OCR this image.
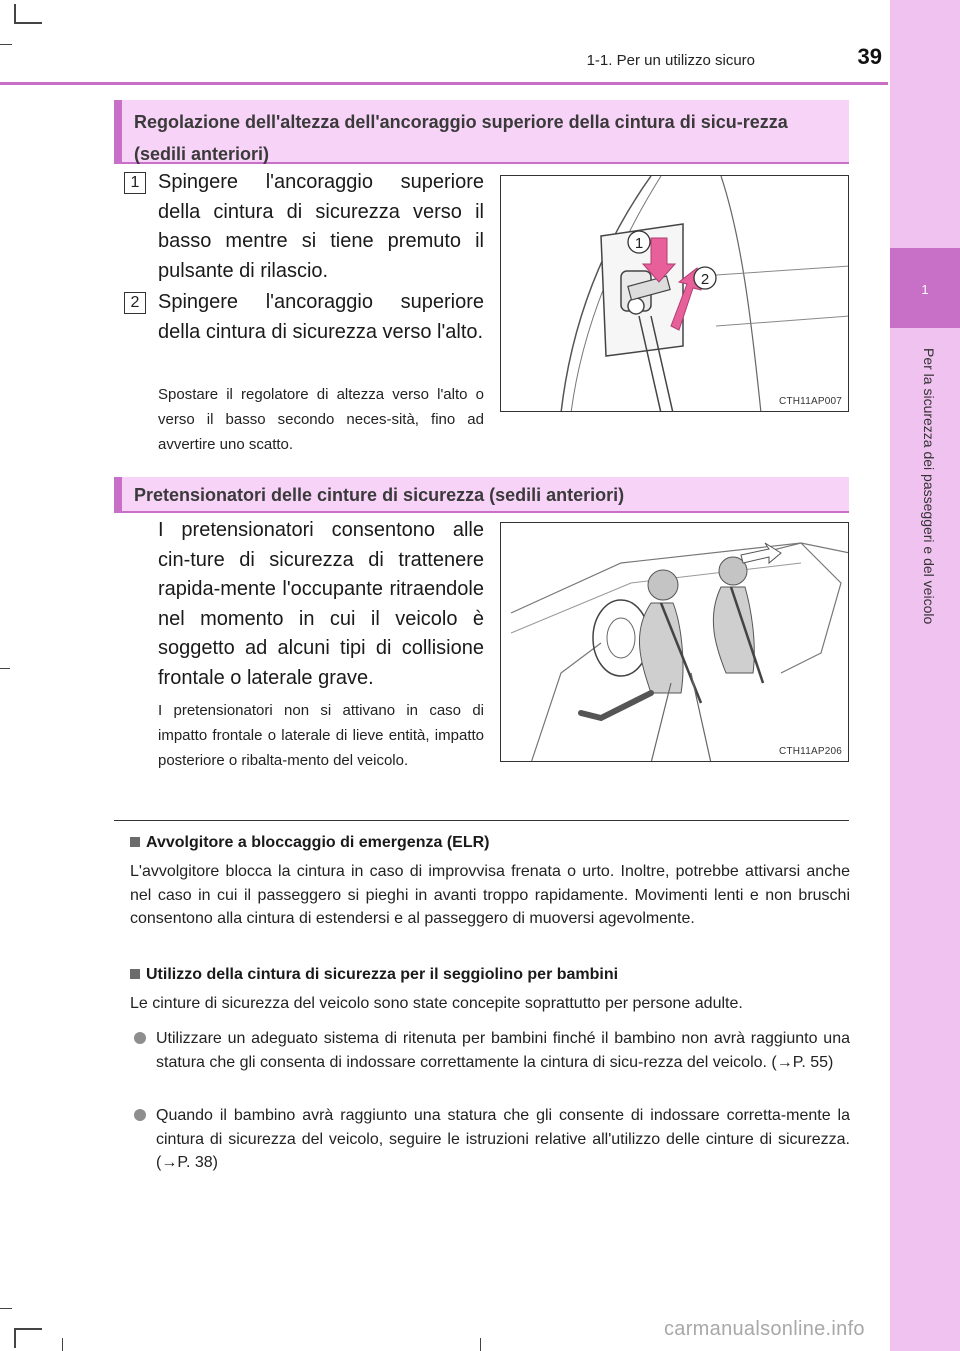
1-1. Per un utilizzo sicuro	39
1
Per la sicurezza dei passeggeri e del veicolo
Regolazione dell'altezza dell'ancoraggio superiore della cintura di sicu-rezza (sedili anteriori)
1 Spingere l'ancoraggio superiore della cintura di sicurezza verso il basso mentre si tiene premuto il pulsante di rilascio.
2 Spingere l'ancoraggio superiore della cintura di sicurezza verso l'alto.
Spostare il regolatore di altezza verso l'alto o verso il basso secondo neces-sità, fino ad avvertire uno scatto.
1
2
CTH11AP007
Pretensionatori delle cinture di sicurezza (sedili anteriori)
I pretensionatori consentono alle cin-ture di sicurezza di trattenere rapida-mente l'occupante ritraendole nel momento in cui il veicolo è soggetto ad alcuni tipi di collisione frontale o laterale grave.
I pretensionatori non si attivano in caso di impatto frontale o laterale di lieve entità, impatto posteriore o ribalta-mento del veicolo.
CTH11AP206
Avvolgitore a bloccaggio di emergenza (ELR)
L'avvolgitore blocca la cintura in caso di improvvisa frenata o urto. Inoltre, potrebbe attivarsi anche nel caso in cui il passeggero si pieghi in avanti troppo rapidamente. Movimenti lenti e non bruschi consentono alla cintura di estendersi e al passeggero di muoversi agevolmente.
Utilizzo della cintura di sicurezza per il seggiolino per bambini
Le cinture di sicurezza del veicolo sono state concepite soprattutto per persone adulte.
Utilizzare un adeguato sistema di ritenuta per bambini finché il bambino non avrà raggiunto una statura che gli consenta di indossare correttamente la cintura di sicu-rezza del veicolo. (→P. 55)
Quando il bambino avrà raggiunto una statura che gli consente di indossare corretta-mente la cintura di sicurezza del veicolo, seguire le istruzioni relative all'utilizzo delle cinture di sicurezza. (→P. 38)
carmanualsonline.info
